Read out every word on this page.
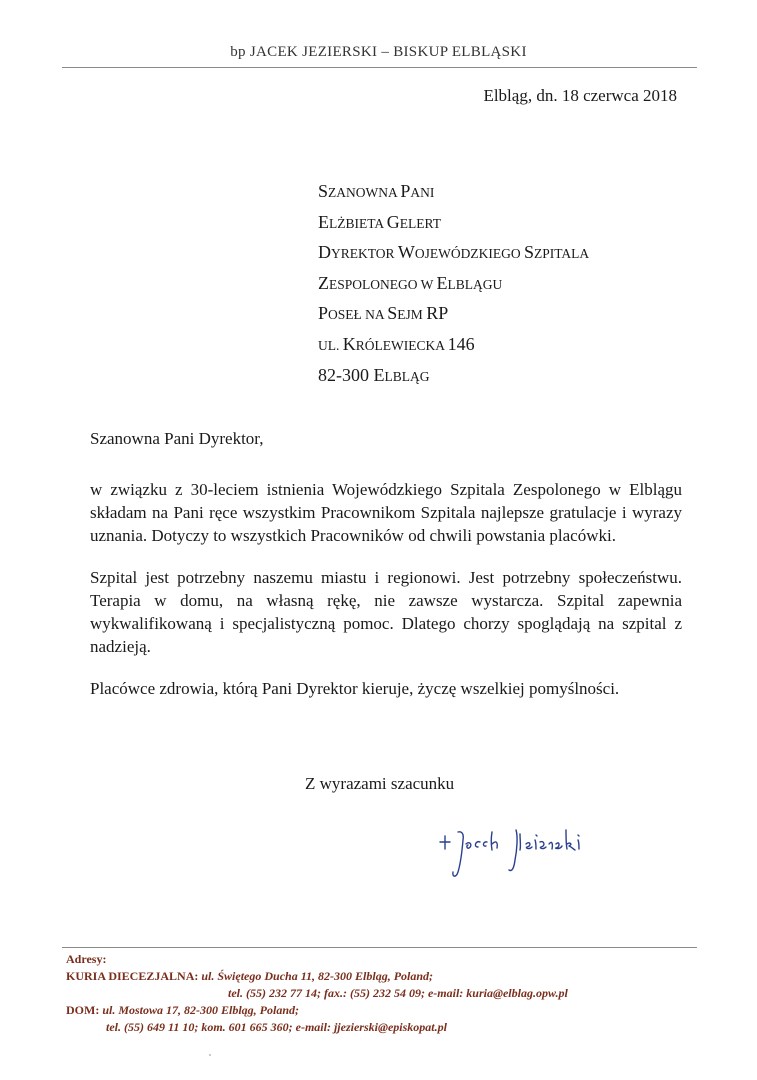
bp JACEK JEZIERSKI – BISKUP ELBLĄSKI
Elbląg, dn. 18 czerwca 2018
SZANOWNA PANI
ELŻBIETA GELERT
DYREKTOR WOJEWÓDZKIEGO SZPITALA
ZESPOLONEGO W ELBLĄGU
POSEŁ NA SEJM RP
UL. KRÓLEWIECKA 146
82-300 ELBLĄG
Szanowna Pani Dyrektor,

w związku z 30-leciem istnienia Wojewódzkiego Szpitala Zespolonego w Elblągu składam na Pani ręce wszystkim Pracownikom Szpitala najlepsze gratulacje i wyrazy uznania. Dotyczy to wszystkich Pracowników od chwili powstania placówki.

Szpital jest potrzebny naszemu miastu i regionowi. Jest potrzebny społeczeństwu. Terapia w domu, na własną rękę, nie zawsze wystarcza. Szpital zapewnia wykwalifikowaną i specjalistyczną pomoc. Dlatego chorzy spoglądają na szpital z nadzieją.

Placówce zdrowia, którą Pani Dyrektor kieruje, życzę wszelkiej pomyślności.

Z wyrazami szacunku
Adresy:
KURIA DIECEZJALNA: ul. Świętego Ducha 11, 82-300 Elbląg, Poland;
tel. (55) 232 77 14; fax.: (55) 232 54 09; e-mail: kuria@elblag.opw.pl
DOM: ul. Mostowa 17, 82-300 Elbląg, Poland;
tel. (55) 649 11 10; kom. 601 665 360; e-mail: jjezierski@episkopat.pl
